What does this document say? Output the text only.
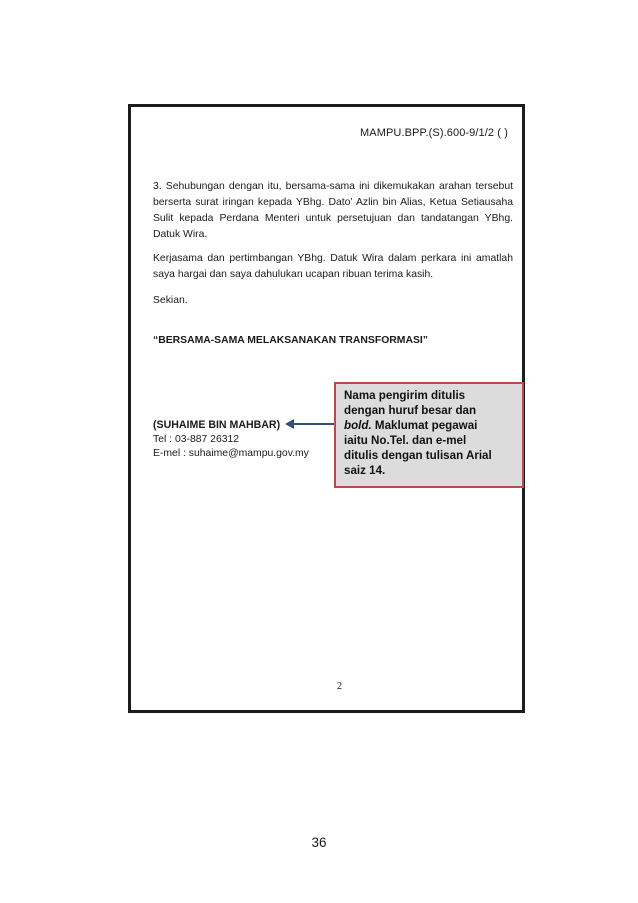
MAMPU.BPP.(S).600-9/1/2 ( )

3. Sehubungan dengan itu, bersama-sama ini dikemukakan arahan tersebut berserta surat iringan kepada YBhg. Dato’ Azlin bin Alias, Ketua Setiausaha Sulit kepada Perdana Menteri untuk persetujuan dan tandatangan YBhg. Datuk Wira.

Kerjasama dan pertimbangan YBhg. Datuk Wira dalam perkara ini amatlah saya hargai dan saya dahulukan ucapan ribuan terima kasih.

Sekian.

“BERSAMA-SAMA MELAKSANAKAN TRANSFORMASI”
(SUHAIME BIN MAHBAR)
Tel : 03-887 26312
E-mel : suhaime@mampu.gov.my
2
Nama pengirim ditulis
dengan huruf besar dan
bold. Maklumat pegawai
iaitu No.Tel. dan e-mel
ditulis dengan tulisan Arial
saiz 14.
36
